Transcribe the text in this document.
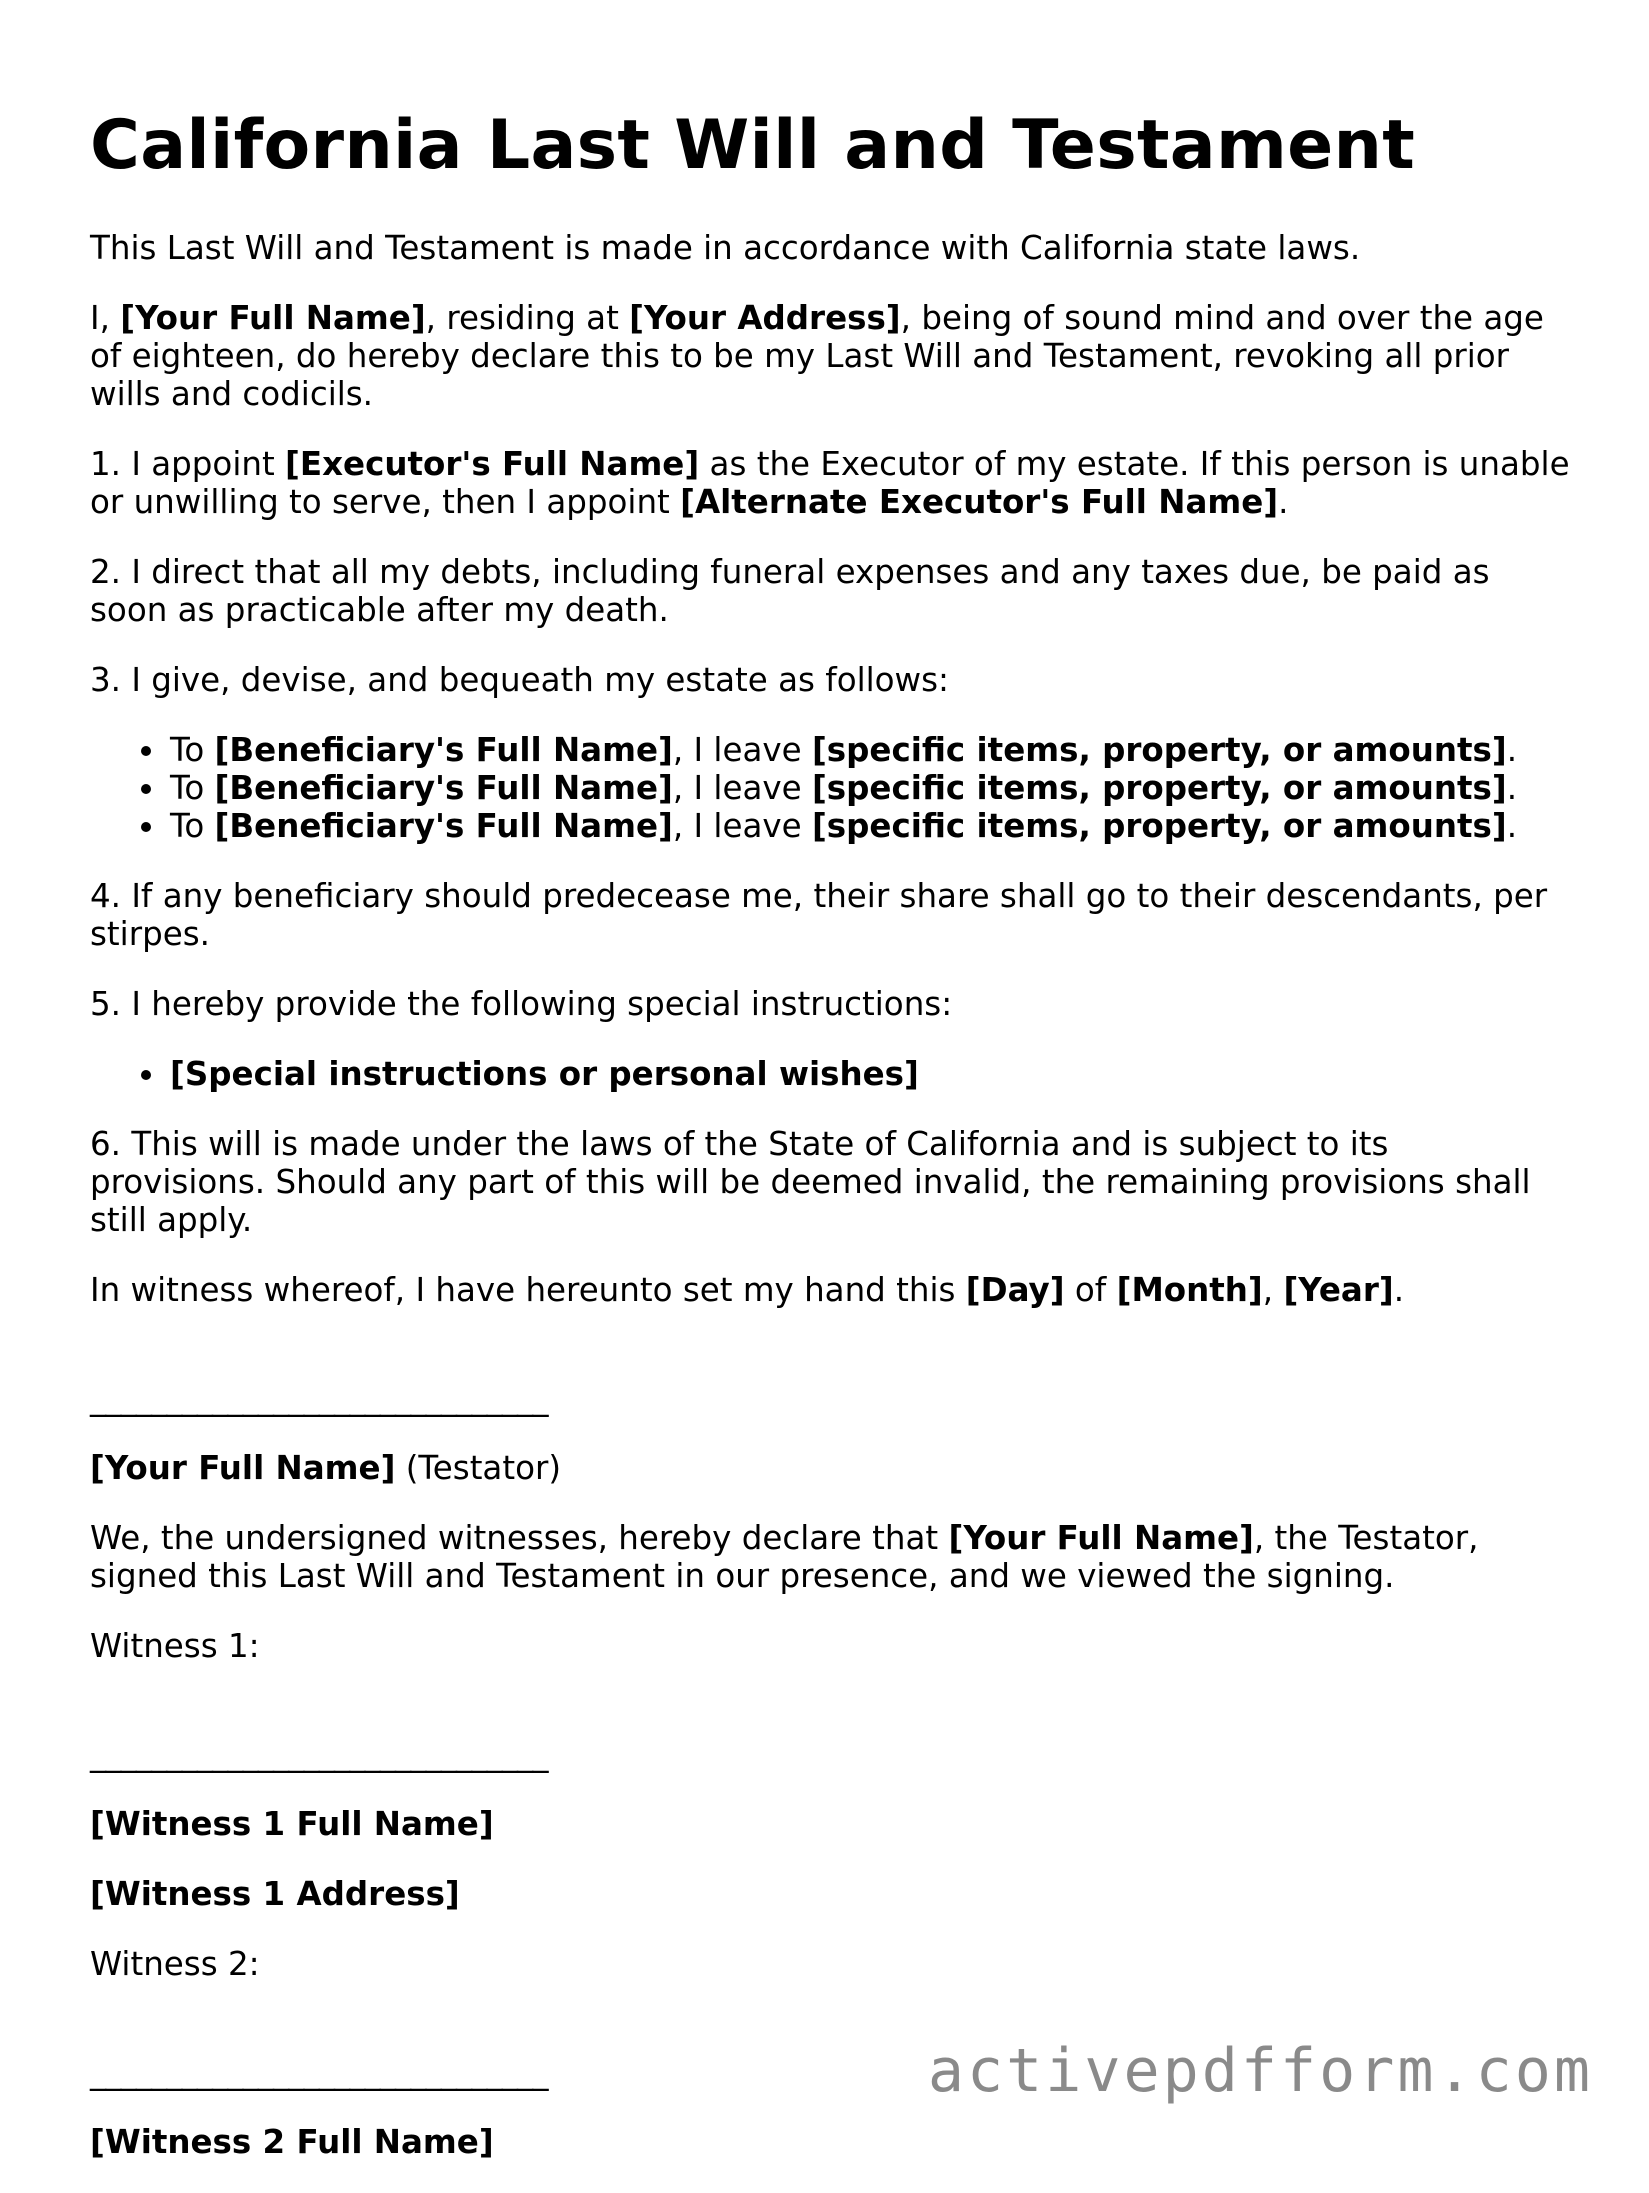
California Last Will and Testament

This Last Will and Testament is made in accordance with California state laws.

I, [Your Full Name], residing at [Your Address], being of sound mind and over the age of eighteen, do hereby declare this to be my Last Will and Testament, revoking all prior wills and codicils.

1. I appoint [Executor's Full Name] as the Executor of my estate. If this person is unable or unwilling to serve, then I appoint [Alternate Executor's Full Name].

2. I direct that all my debts, including funeral expenses and any taxes due, be paid as soon as practicable after my death.

3. I give, devise, and bequeath my estate as follows:

To [Beneficiary's Full Name], I leave [specific items, property, or amounts].
To [Beneficiary's Full Name], I leave [specific items, property, or amounts].
To [Beneficiary's Full Name], I leave [specific items, property, or amounts].

4. If any beneficiary should predecease me, their share shall go to their descendants, per stirpes.

5. I hereby provide the following special instructions:

[Special instructions or personal wishes]

6. This will is made under the laws of the State of California and is subject to its provisions. Should any part of this will be deemed invalid, the remaining provisions shall still apply.

In witness whereof, I have hereunto set my hand this [Day] of [Month], [Year].

______________________________

[Your Full Name] (Testator)

We, the undersigned witnesses, hereby declare that [Your Full Name], the Testator, signed this Last Will and Testament in our presence, and we viewed the signing.

Witness 1:

______________________________

[Witness 1 Full Name]

[Witness 1 Address]

Witness 2:

______________________________

[Witness 2 Full Name]

activepdfform.com
